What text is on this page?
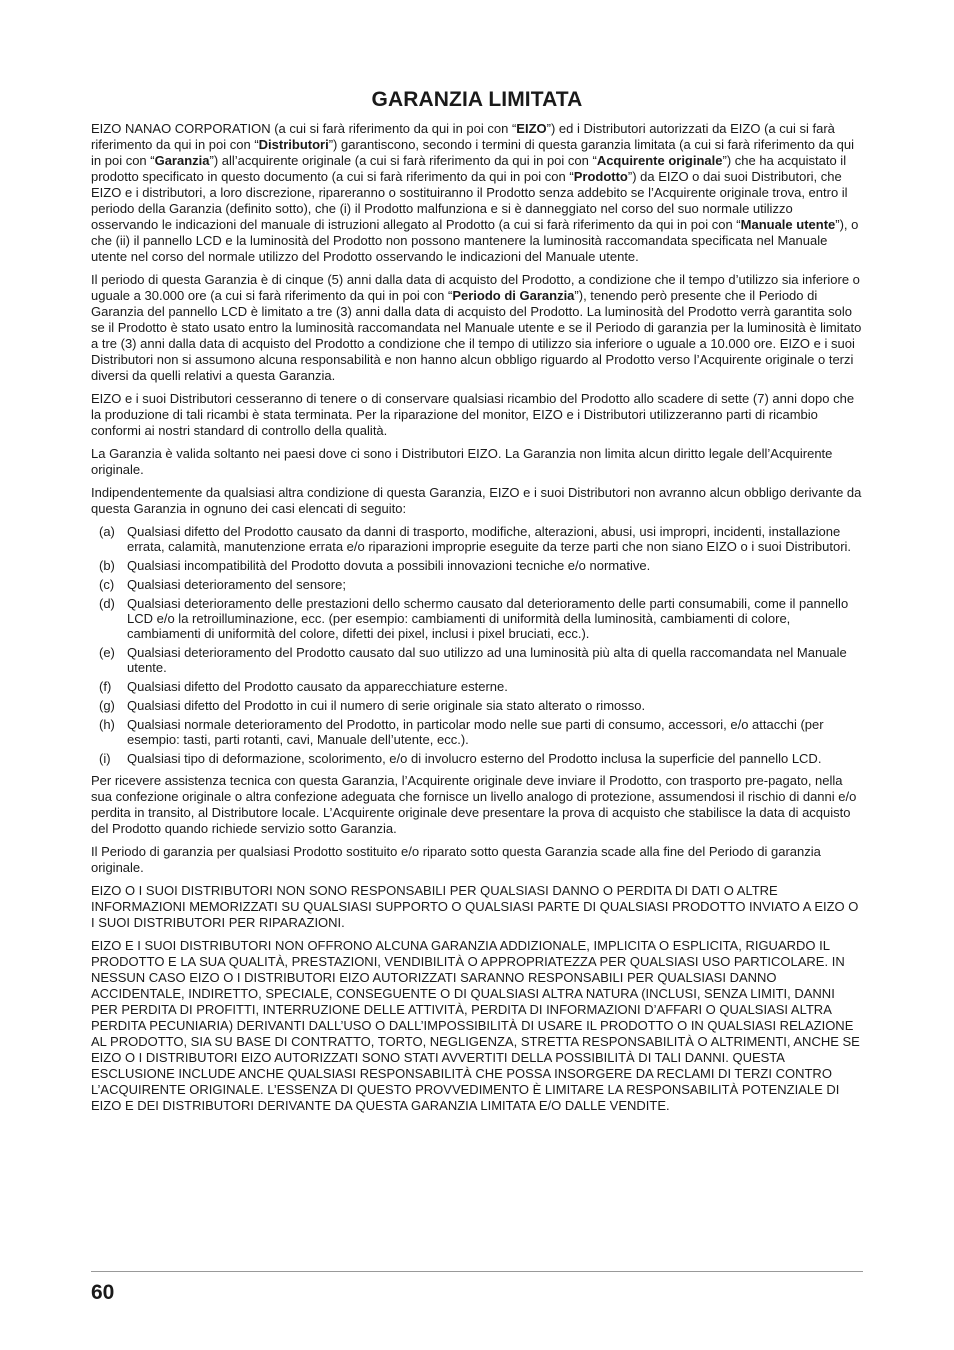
GARANZIA LIMITATA

EIZO NANAO CORPORATION (a cui si farà riferimento da qui in poi con “EIZO”) ed i Distributori autorizzati da EIZO (a cui si farà riferimento da qui in poi con “Distributori”) garantiscono, secondo i termini di questa garanzia limitata (a cui si farà riferimento da qui in poi con “Garanzia”) all’acquirente originale (a cui si farà riferimento da qui in poi con “Acquirente originale”) che ha acquistato il prodotto specificato in questo documento (a cui si farà riferimento da qui in poi con “Prodotto”) da EIZO o dai suoi Distributori, che EIZO e i distributori, a loro discrezione, ripareranno o sostituiranno il Prodotto senza addebito se l’Acquirente originale trova, entro il periodo della Garanzia (definito sotto), che (i) il Prodotto malfunziona e si è danneggiato nel corso del suo normale utilizzo osservando le indicazioni del manuale di istruzioni allegato al Prodotto (a cui si farà riferimento da qui in poi con “Manuale utente”), o che (ii) il pannello LCD e la luminosità del Prodotto non possono mantenere la luminosità raccomandata specificata nel Manuale utente nel corso del normale utilizzo del Prodotto osservando le indicazioni del Manuale utente.

Il periodo di questa Garanzia è di cinque (5) anni dalla data di acquisto del Prodotto, a condizione che il tempo d’utilizzo sia inferiore o uguale a 30.000 ore (a cui si farà riferimento da qui in poi con “Periodo di Garanzia”), tenendo però presente che il Periodo di Garanzia del pannello LCD è limitato a tre (3) anni dalla data di acquisto del Prodotto. La luminosità del Prodotto verrà garantita solo se il Prodotto è stato usato entro la luminosità raccomandata nel Manuale utente e se il Periodo di garanzia per la luminosità è limitato a tre (3) anni dalla data di acquisto del Prodotto a condizione che il tempo di utilizzo sia inferiore o uguale a 10.000 ore. EIZO e i suoi Distributori non si assumono alcuna responsabilità e non hanno alcun obbligo riguardo al Prodotto verso l’Acquirente originale o terzi diversi da quelli relativi a questa Garanzia.

EIZO e i suoi Distributori cesseranno di tenere o di conservare qualsiasi ricambio del Prodotto allo scadere di sette (7) anni dopo che la produzione di tali ricambi è stata terminata. Per la riparazione del monitor, EIZO e i Distributori utilizzeranno parti di ricambio conformi ai nostri standard di controllo della qualità.

La Garanzia è valida soltanto nei paesi dove ci sono i Distributori EIZO. La Garanzia non limita alcun diritto legale dell’Acquirente originale.

Indipendentemente da qualsiasi altra condizione di questa Garanzia, EIZO e i suoi Distributori non avranno alcun obbligo derivante da questa Garanzia in ognuno dei casi elencati di seguito:

(a) Qualsiasi difetto del Prodotto causato da danni di trasporto, modifiche, alterazioni, abusi, usi impropri, incidenti, installazione errata, calamità, manutenzione errata e/o riparazioni improprie eseguite da terze parti che non siano EIZO o i suoi Distributori.
(b) Qualsiasi incompatibilità del Prodotto dovuta a possibili innovazioni tecniche e/o normative.
(c) Qualsiasi deterioramento del sensore;
(d) Qualsiasi deterioramento delle prestazioni dello schermo causato dal deterioramento delle parti consumabili, come il pannello LCD e/o la retroilluminazione, ecc. (per esempio: cambiamenti di uniformità della luminosità, cambiamenti di colore, cambiamenti di uniformità del colore, difetti dei pixel, inclusi i pixel bruciati, ecc.).
(e) Qualsiasi deterioramento del Prodotto causato dal suo utilizzo ad una luminosità più alta di quella raccomandata nel Manuale utente.
(f)	Qualsiasi difetto del Prodotto causato da apparecchiature esterne.
(g) Qualsiasi difetto del Prodotto in cui il numero di serie originale sia stato alterato o rimosso.
(h) Qualsiasi normale deterioramento del Prodotto, in particolar modo nelle sue parti di consumo, accessori, e/o attacchi (per esempio: tasti, parti rotanti, cavi, Manuale dell’utente, ecc.).
(i)	Qualsiasi tipo di deformazione, scolorimento, e/o di involucro esterno del Prodotto inclusa la superficie del pannello LCD.

Per ricevere assistenza tecnica con questa Garanzia, l’Acquirente originale deve inviare il Prodotto, con trasporto pre-pagato, nella sua confezione originale o altra confezione adeguata che fornisce un livello analogo di protezione, assumendosi il rischio di danni e/o perdita in transito, al Distributore locale. L’Acquirente originale deve presentare la prova di acquisto che stabilisce la data di acquisto del Prodotto quando richiede servizio sotto Garanzia.

Il Periodo di garanzia per qualsiasi Prodotto sostituito e/o riparato sotto questa Garanzia scade alla fine del Periodo di garanzia originale.

EIZO O I SUOI DISTRIBUTORI NON SONO RESPONSABILI PER QUALSIASI DANNO O PERDITA DI DATI O ALTRE INFORMAZIONI MEMORIZZATI SU QUALSIASI SUPPORTO O QUALSIASI PARTE DI QUALSIASI PRODOTTO INVIATO A EIZO O I SUOI DISTRIBUTORI PER RIPARAZIONI.

EIZO E I SUOI DISTRIBUTORI NON OFFRONO ALCUNA GARANZIA ADDIZIONALE, IMPLICITA O ESPLICITA, RIGUARDO IL PRODOTTO E LA SUA QUALITÀ, PRESTAZIONI, VENDIBILITÀ O APPROPRIATEZZA PER QUALSIASI USO PARTICOLARE. IN NESSUN CASO EIZO O I DISTRIBUTORI EIZO AUTORIZZATI SARANNO RESPONSABILI PER QUALSIASI DANNO ACCIDENTALE, INDIRETTO, SPECIALE, CONSEGUENTE O DI QUALSIASI ALTRA NATURA (INCLUSI, SENZA LIMITI, DANNI PER PERDITA DI PROFITTI, INTERRUZIONE DELLE ATTIVITÀ, PERDITA DI INFORMAZIONI D’AFFARI O QUALSIASI ALTRA PERDITA PECUNIARIA) DERIVANTI DALL’USO O DALL’IMPOSSIBILITÀ DI USARE IL PRODOTTO O IN QUALSIASI RELAZIONE AL PRODOTTO, SIA SU BASE DI CONTRATTO, TORTO, NEGLIGENZA, STRETTA RESPONSABILITÀ O ALTRIMENTI, ANCHE SE EIZO O I DISTRIBUTORI EIZO AUTORIZZATI SONO STATI AVVERTITI DELLA POSSIBILITÀ DI TALI DANNI. QUESTA ESCLUSIONE INCLUDE ANCHE QUALSIASI RESPONSABILITÀ CHE POSSA INSORGERE DA RECLAMI DI TERZI CONTRO L’ACQUIRENTE ORIGINALE. L’ESSENZA DI QUESTO PROVVEDIMENTO È LIMITARE LA RESPONSABILITÀ POTENZIALE DI EIZO E DEI DISTRIBUTORI DERIVANTE DA QUESTA GARANZIA LIMITATA E/O DALLE VENDITE.

60
